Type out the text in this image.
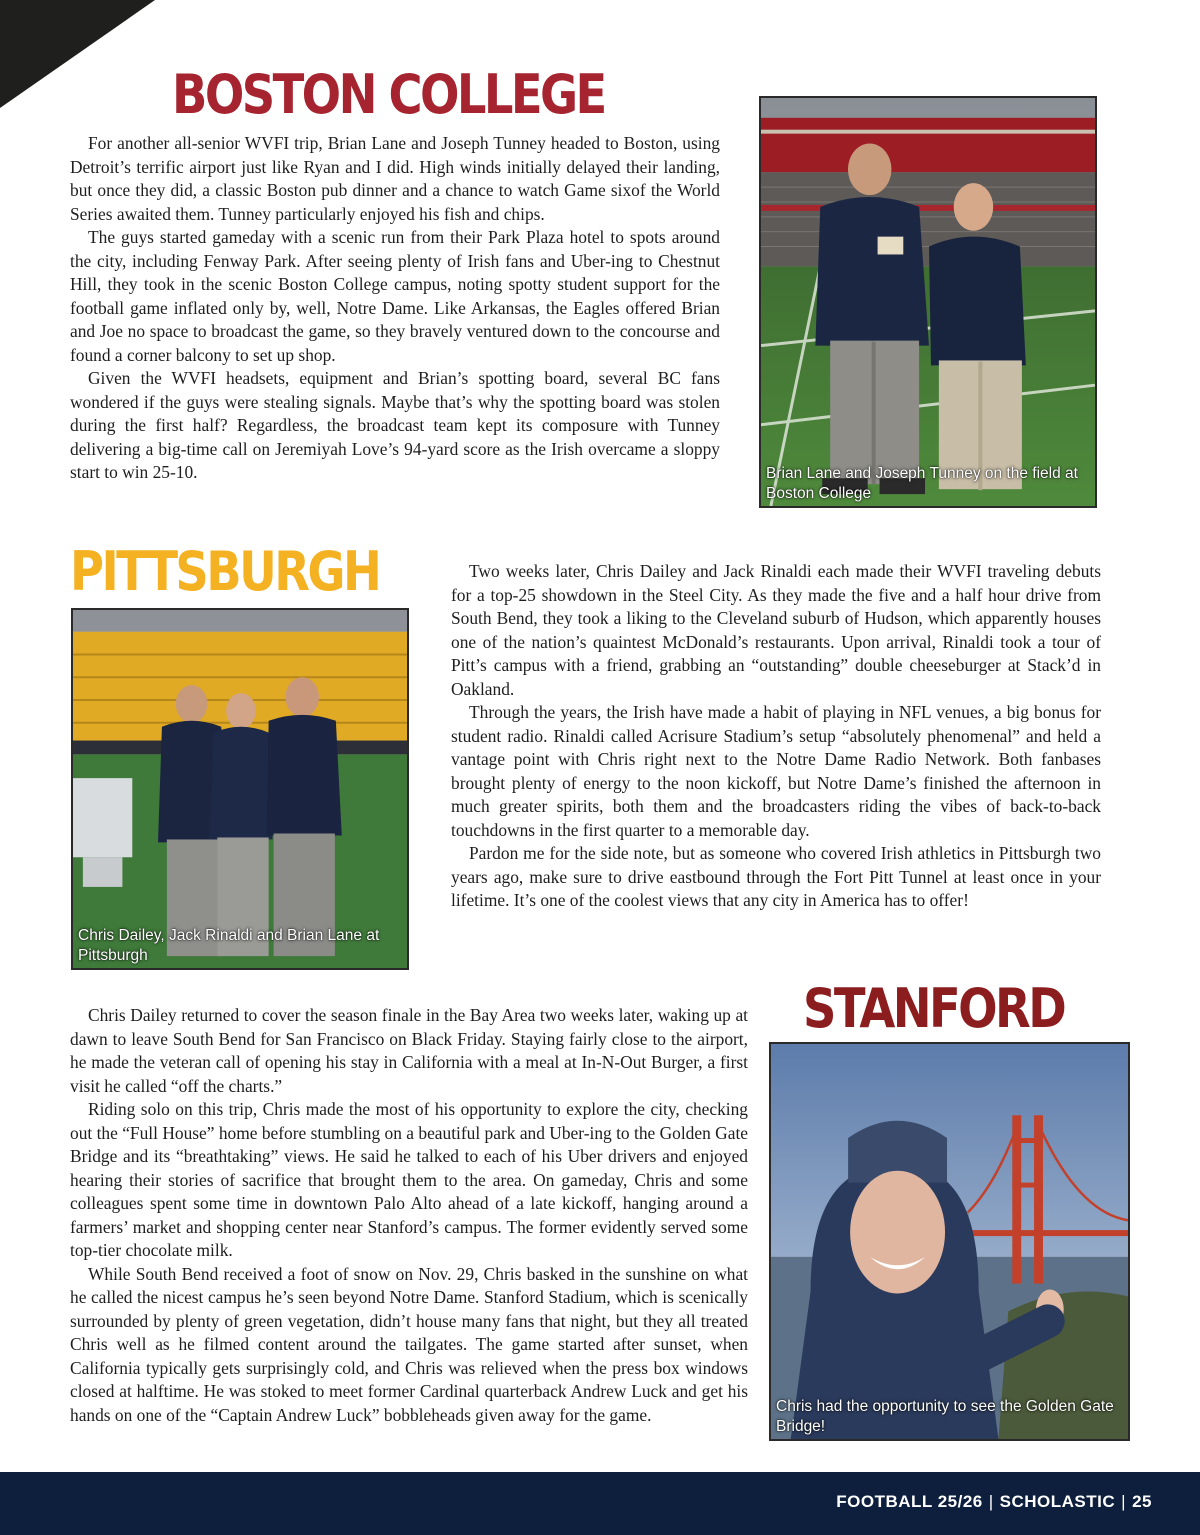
BOSTON COLLEGE

For another all-senior WVFI trip, Brian Lane and Joseph Tunney headed to Boston, using Detroit’s terrific airport just like Ryan and I did. High winds initially delayed their landing, but once they did, a classic Boston pub dinner and a chance to watch Game sixof the World Series awaited them. Tunney particularly enjoyed his fish and chips.

The guys started gameday with a scenic run from their Park Plaza hotel to spots around the city, including Fenway Park. After seeing plenty of Irish fans and Uber-ing to Chestnut Hill, they took in the scenic Boston College campus, noting spotty student support for the football game inflated only by, well, Notre Dame. Like Arkansas, the Eagles offered Brian and Joe no space to broadcast the game, so they bravely ventured down to the concourse and found a corner balcony to set up shop.

Given the WVFI headsets, equipment and Brian’s spotting board, several BC fans wondered if the guys were stealing signals. Maybe that’s why the spotting board was stolen during the first half? Regardless, the broadcast team kept its composure with Tunney delivering a big-time call on Jeremiyah Love’s 94-yard score as the Irish overcame a sloppy start to win 25-10.	Brian Lane and Joseph Tunney on the field at Boston College
PITTSBURGH
Chris Dailey, Jack Rinaldi and Brian Lane at Pittsburgh

Two weeks later, Chris Dailey and Jack Rinaldi each made their WVFI traveling debuts for a top-25 showdown in the Steel City. As they made the five and a half hour drive from South Bend, they took a liking to the Cleveland suburb of Hudson, which apparently houses one of the nation’s quaintest McDonald’s restaurants. Upon arrival, Rinaldi took a tour of Pitt’s campus with a friend, grabbing an “outstanding” double cheeseburger at Stack’d in Oakland.

Through the years, the Irish have made a habit of playing in NFL venues, a big bonus for student radio. Rinaldi called Acrisure Stadium’s setup “absolutely phenomenal” and held a vantage point with Chris right next to the Notre Dame Radio Network. Both fanbases brought plenty of energy to the noon kickoff, but Notre Dame’s finished the afternoon in much greater spirits, both them and the broadcasters riding the vibes of back-to-back touchdowns in the first quarter to a memorable day.

Pardon me for the side note, but as someone who covered Irish athletics in Pittsburgh two years ago, make sure to drive eastbound through the Fort Pitt Tunnel at least once in your lifetime. It’s one of the coolest views that any city in America has to offer!

Chris Dailey returned to cover the season finale in the Bay Area two weeks later, waking up at dawn to leave South Bend for San Francisco on Black Friday. Staying fairly close to the airport, he made the veteran call of opening his stay in California with a meal at In-N-Out Burger, a first visit he called “off the charts.”

Riding solo on this trip, Chris made the most of his opportunity to explore the city, checking out the “Full House” home before stumbling on a beautiful park and Uber-ing to the Golden Gate Bridge and its “breathtaking” views. He said he talked to each of his Uber drivers and enjoyed hearing their stories of sacrifice that brought them to the area. On gameday, Chris and some colleagues spent some time in downtown Palo Alto ahead of a late kickoff, hanging around a farmers’ market and shopping center near Stanford’s campus. The former evidently served some top-tier chocolate milk.

While South Bend received a foot of snow on Nov. 29, Chris basked in the sunshine on what he called the nicest campus he’s seen beyond Notre Dame. Stanford Stadium, which is scenically surrounded by plenty of green vegetation, didn’t house many fans that night, but they all treated Chris well as he filmed content around the tailgates. The game started after sunset, when California typically gets surprisingly cold, and Chris was relieved when the press box windows closed at halftime. He was stoked to meet former Cardinal quarterback Andrew Luck and get his hands on one of the “Captain Andrew Luck” bobbleheads given away for the game.

STANFORD
Chris had the opportunity to see the Golden Gate Bridge!
FOOTBALL 25/26 | SCHOLASTIC | 25
